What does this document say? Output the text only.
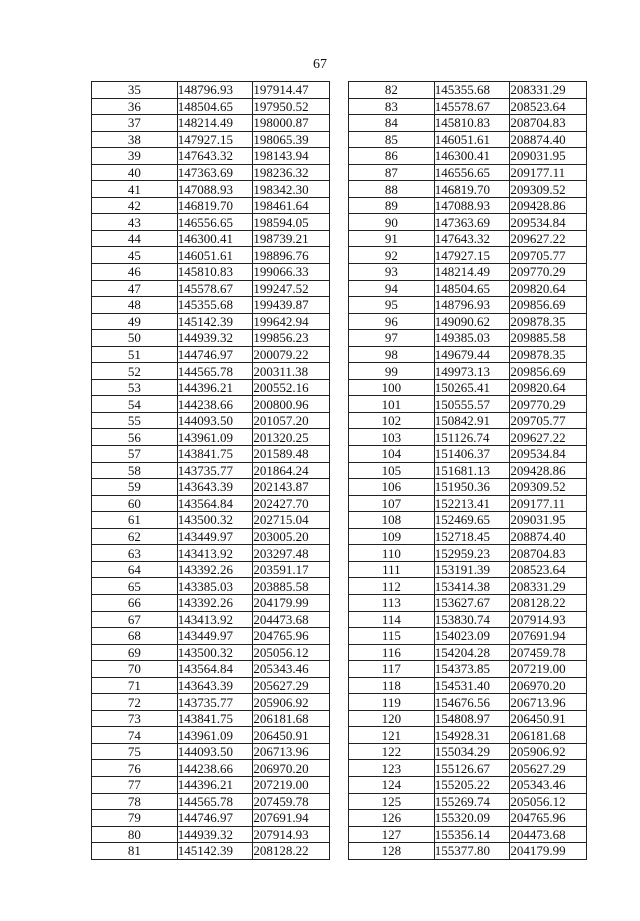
67
35	148796.93	197914.47
36	148504.65	197950.52
37	148214.49	198000.87
38	147927.15	198065.39
39	147643.32	198143.94
40	147363.69	198236.32
41	147088.93	198342.30
42	146819.70	198461.64
43	146556.65	198594.05
44	146300.41	198739.21
45	146051.61	198896.76
46	145810.83	199066.33
47	145578.67	199247.52
48	145355.68	199439.87
49	145142.39	199642.94
50	144939.32	199856.23
51	144746.97	200079.22
52	144565.78	200311.38
53	144396.21	200552.16
54	144238.66	200800.96
55	144093.50	201057.20
56	143961.09	201320.25
57	143841.75	201589.48
58	143735.77	201864.24
59	143643.39	202143.87
60	143564.84	202427.70
61	143500.32	202715.04
62	143449.97	203005.20
63	143413.92	203297.48
64	143392.26	203591.17
65	143385.03	203885.58
66	143392.26	204179.99
67	143413.92	204473.68
68	143449.97	204765.96
69	143500.32	205056.12
70	143564.84	205343.46
71	143643.39	205627.29
72	143735.77	205906.92
73	143841.75	206181.68
74	143961.09	206450.91
75	144093.50	206713.96
76	144238.66	206970.20
77	144396.21	207219.00
78	144565.78	207459.78
79	144746.97	207691.94
80	144939.32	207914.93
81	145142.39	208128.22
82	145355.68	208331.29
83	145578.67	208523.64
84	145810.83	208704.83
85	146051.61	208874.40
86	146300.41	209031.95
87	146556.65	209177.11
88	146819.70	209309.52
89	147088.93	209428.86
90	147363.69	209534.84
91	147643.32	209627.22
92	147927.15	209705.77
93	148214.49	209770.29
94	148504.65	209820.64
95	148796.93	209856.69
96	149090.62	209878.35
97	149385.03	209885.58
98	149679.44	209878.35
99	149973.13	209856.69
100	150265.41	209820.64
101	150555.57	209770.29
102	150842.91	209705.77
103	151126.74	209627.22
104	151406.37	209534.84
105	151681.13	209428.86
106	151950.36	209309.52
107	152213.41	209177.11
108	152469.65	209031.95
109	152718.45	208874.40
110	152959.23	208704.83
111	153191.39	208523.64
112	153414.38	208331.29
113	153627.67	208128.22
114	153830.74	207914.93
115	154023.09	207691.94
116	154204.28	207459.78
117	154373.85	207219.00
118	154531.40	206970.20
119	154676.56	206713.96
120	154808.97	206450.91
121	154928.31	206181.68
122	155034.29	205906.92
123	155126.67	205627.29
124	155205.22	205343.46
125	155269.74	205056.12
126	155320.09	204765.96
127	155356.14	204473.68
128	155377.80	204179.99
